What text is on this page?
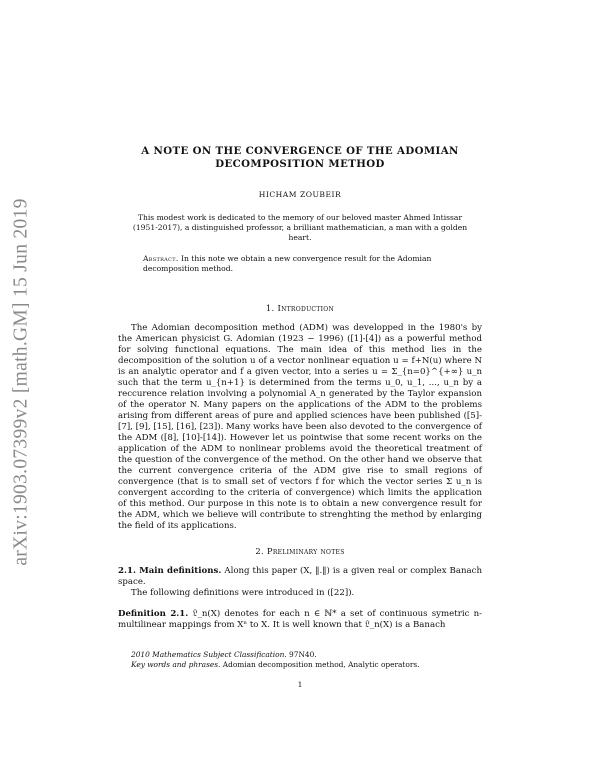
arXiv:1903.07399v2 [math.GM] 15 Jun 2019
A NOTE ON THE CONVERGENCE OF THE ADOMIAN DECOMPOSITION METHOD
HICHAM ZOUBEIR
This modest work is dedicated to the memory of our beloved master Ahmed Intissar (1951-2017), a distinguished professor, a brilliant mathematician, a man with a golden heart.
Abstract. In this note we obtain a new convergence result for the Adomian decomposition method.
1. Introduction

The Adomian decomposition method (ADM) was developped in the 1980's by the American physicist G. Adomian (1923 − 1996) ([1]-[4]) as a powerful method for solving functional equations. The main idea of this method lies in the decomposition of the solution u of a vector nonlinear equation u = f+N(u) where N is an analytic operator and f a given vector, into a series u = Σ_{n=0}^{+∞} u_n such that the term u_{n+1} is determined from the terms u_0, u_1, ..., u_n by a reccurence relation involving a polynomial A_n generated by the Taylor expansion of the operator N. Many papers on the applications of the ADM to the problems arising from different areas of pure and applied sciences have been published ([5]-[7], [9], [15], [16], [23]). Many works have been also devoted to the convergence of the ADM ([8], [10]-[14]). However let us pointwise that some recent works on the application of the ADM to nonlinear problems avoid the theoretical treatment of the question of the convergence of the method. On the other hand we observe that the current convergence criteria of the ADM give rise to small regions of convergence (that is to small set of vectors f for which the vector series Σ u_n is convergent according to the criteria of convergence) which limits the application of this method. Our purpose in this note is to obtain a new convergence result for the ADM, which we believe will contribute to strenghting the method by enlarging the field of its applications.

2. Preliminary notes

2.1. Main definitions. Along this paper (X, ‖.‖) is a given real or complex Banach space.

The following definitions were introduced in ([22]).

Definition 2.1. 𝔏_n(X) denotes for each n ∈ ℕ* a set of continuous symetric n-multilinear mappings from Xⁿ to X. It is well known that 𝔏_n(X) is a Banach

2010 Mathematics Subject Classification. 97N40.
Key words and phrases. Adomian decomposition method, Analytic operators.
1
